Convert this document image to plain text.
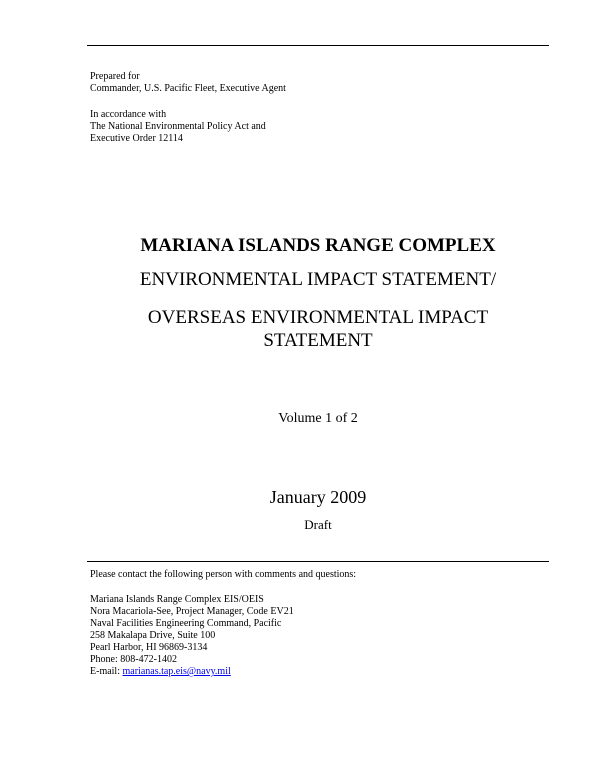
Prepared for
Commander, U.S. Pacific Fleet, Executive Agent
In accordance with
The National Environmental Policy Act and
Executive Order 12114
MARIANA ISLANDS RANGE COMPLEX
ENVIRONMENTAL IMPACT STATEMENT/
OVERSEAS ENVIRONMENTAL IMPACT
STATEMENT
Volume 1 of 2
January 2009
Draft
Please contact the following person with comments and questions:
Mariana Islands Range Complex EIS/OEIS
Nora Macariola-See, Project Manager, Code EV21
Naval Facilities Engineering Command, Pacific
258 Makalapa Drive, Suite 100
Pearl Harbor, HI 96869-3134
Phone: 808-472-1402
E-mail: marianas.tap.eis@navy.mil
